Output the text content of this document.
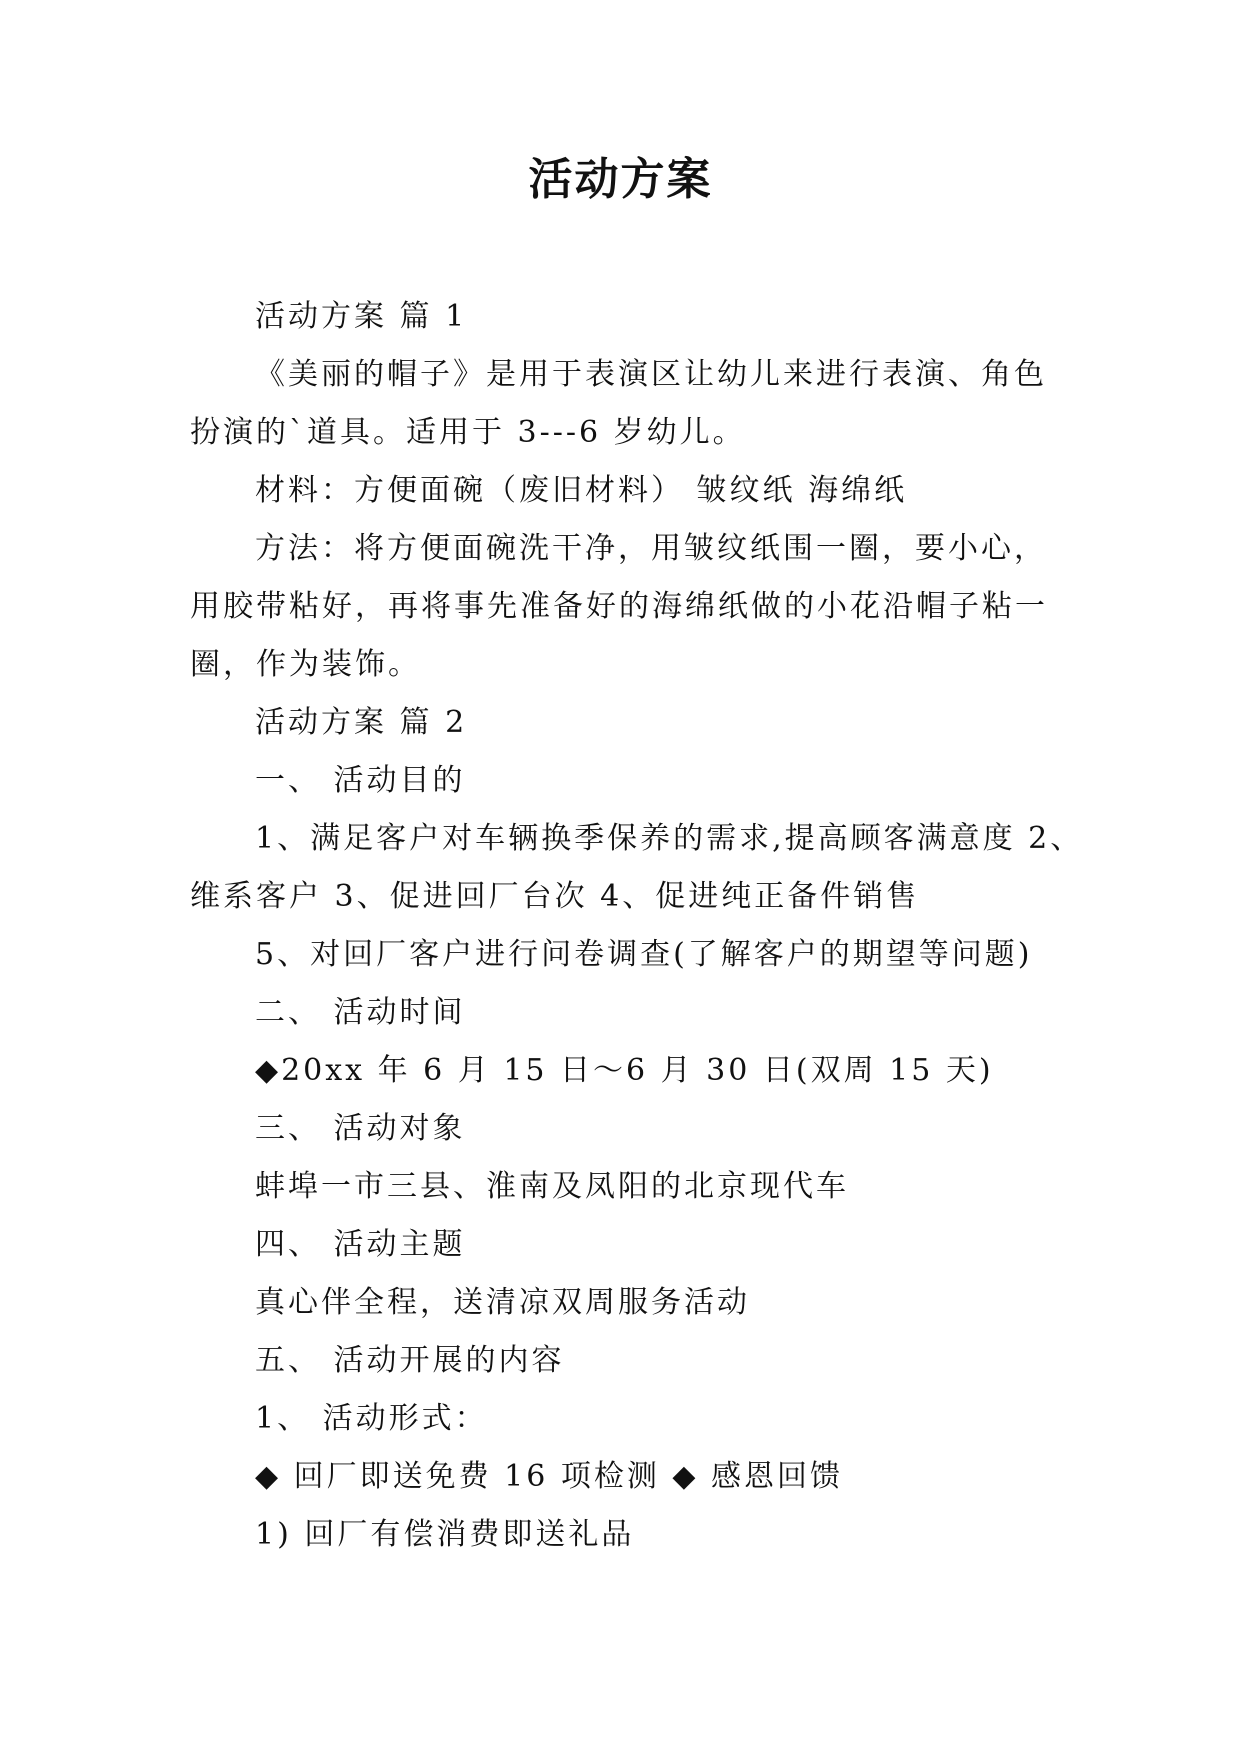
活动方案

活动方案 篇 1

《美丽的帽子》是用于表演区让幼儿来进行表演、角色

扮演的`道具。适用于 3---6 岁幼儿。

材料：方便面碗（废旧材料） 皱纹纸 海绵纸

方法：将方便面碗洗干净，用皱纹纸围一圈，要小心，

用胶带粘好，再将事先准备好的海绵纸做的小花沿帽子粘一

圈，作为装饰。

活动方案 篇 2

一、 活动目的

1、满足客户对车辆换季保养的需求,提高顾客满意度 2、

维系客户 3、促进回厂台次 4、促进纯正备件销售

5、对回厂客户进行问卷调查(了解客户的期望等问题)

二、 活动时间

◆20xx 年 6 月 15 日～6 月 30 日(双周 15 天)

三、 活动对象

蚌埠一市三县、淮南及凤阳的北京现代车

四、 活动主题

真心伴全程，送清凉双周服务活动

五、 活动开展的内容

1、 活动形式：

◆ 回厂即送免费 16 项检测 ◆ 感恩回馈

1) 回厂有偿消费即送礼品
